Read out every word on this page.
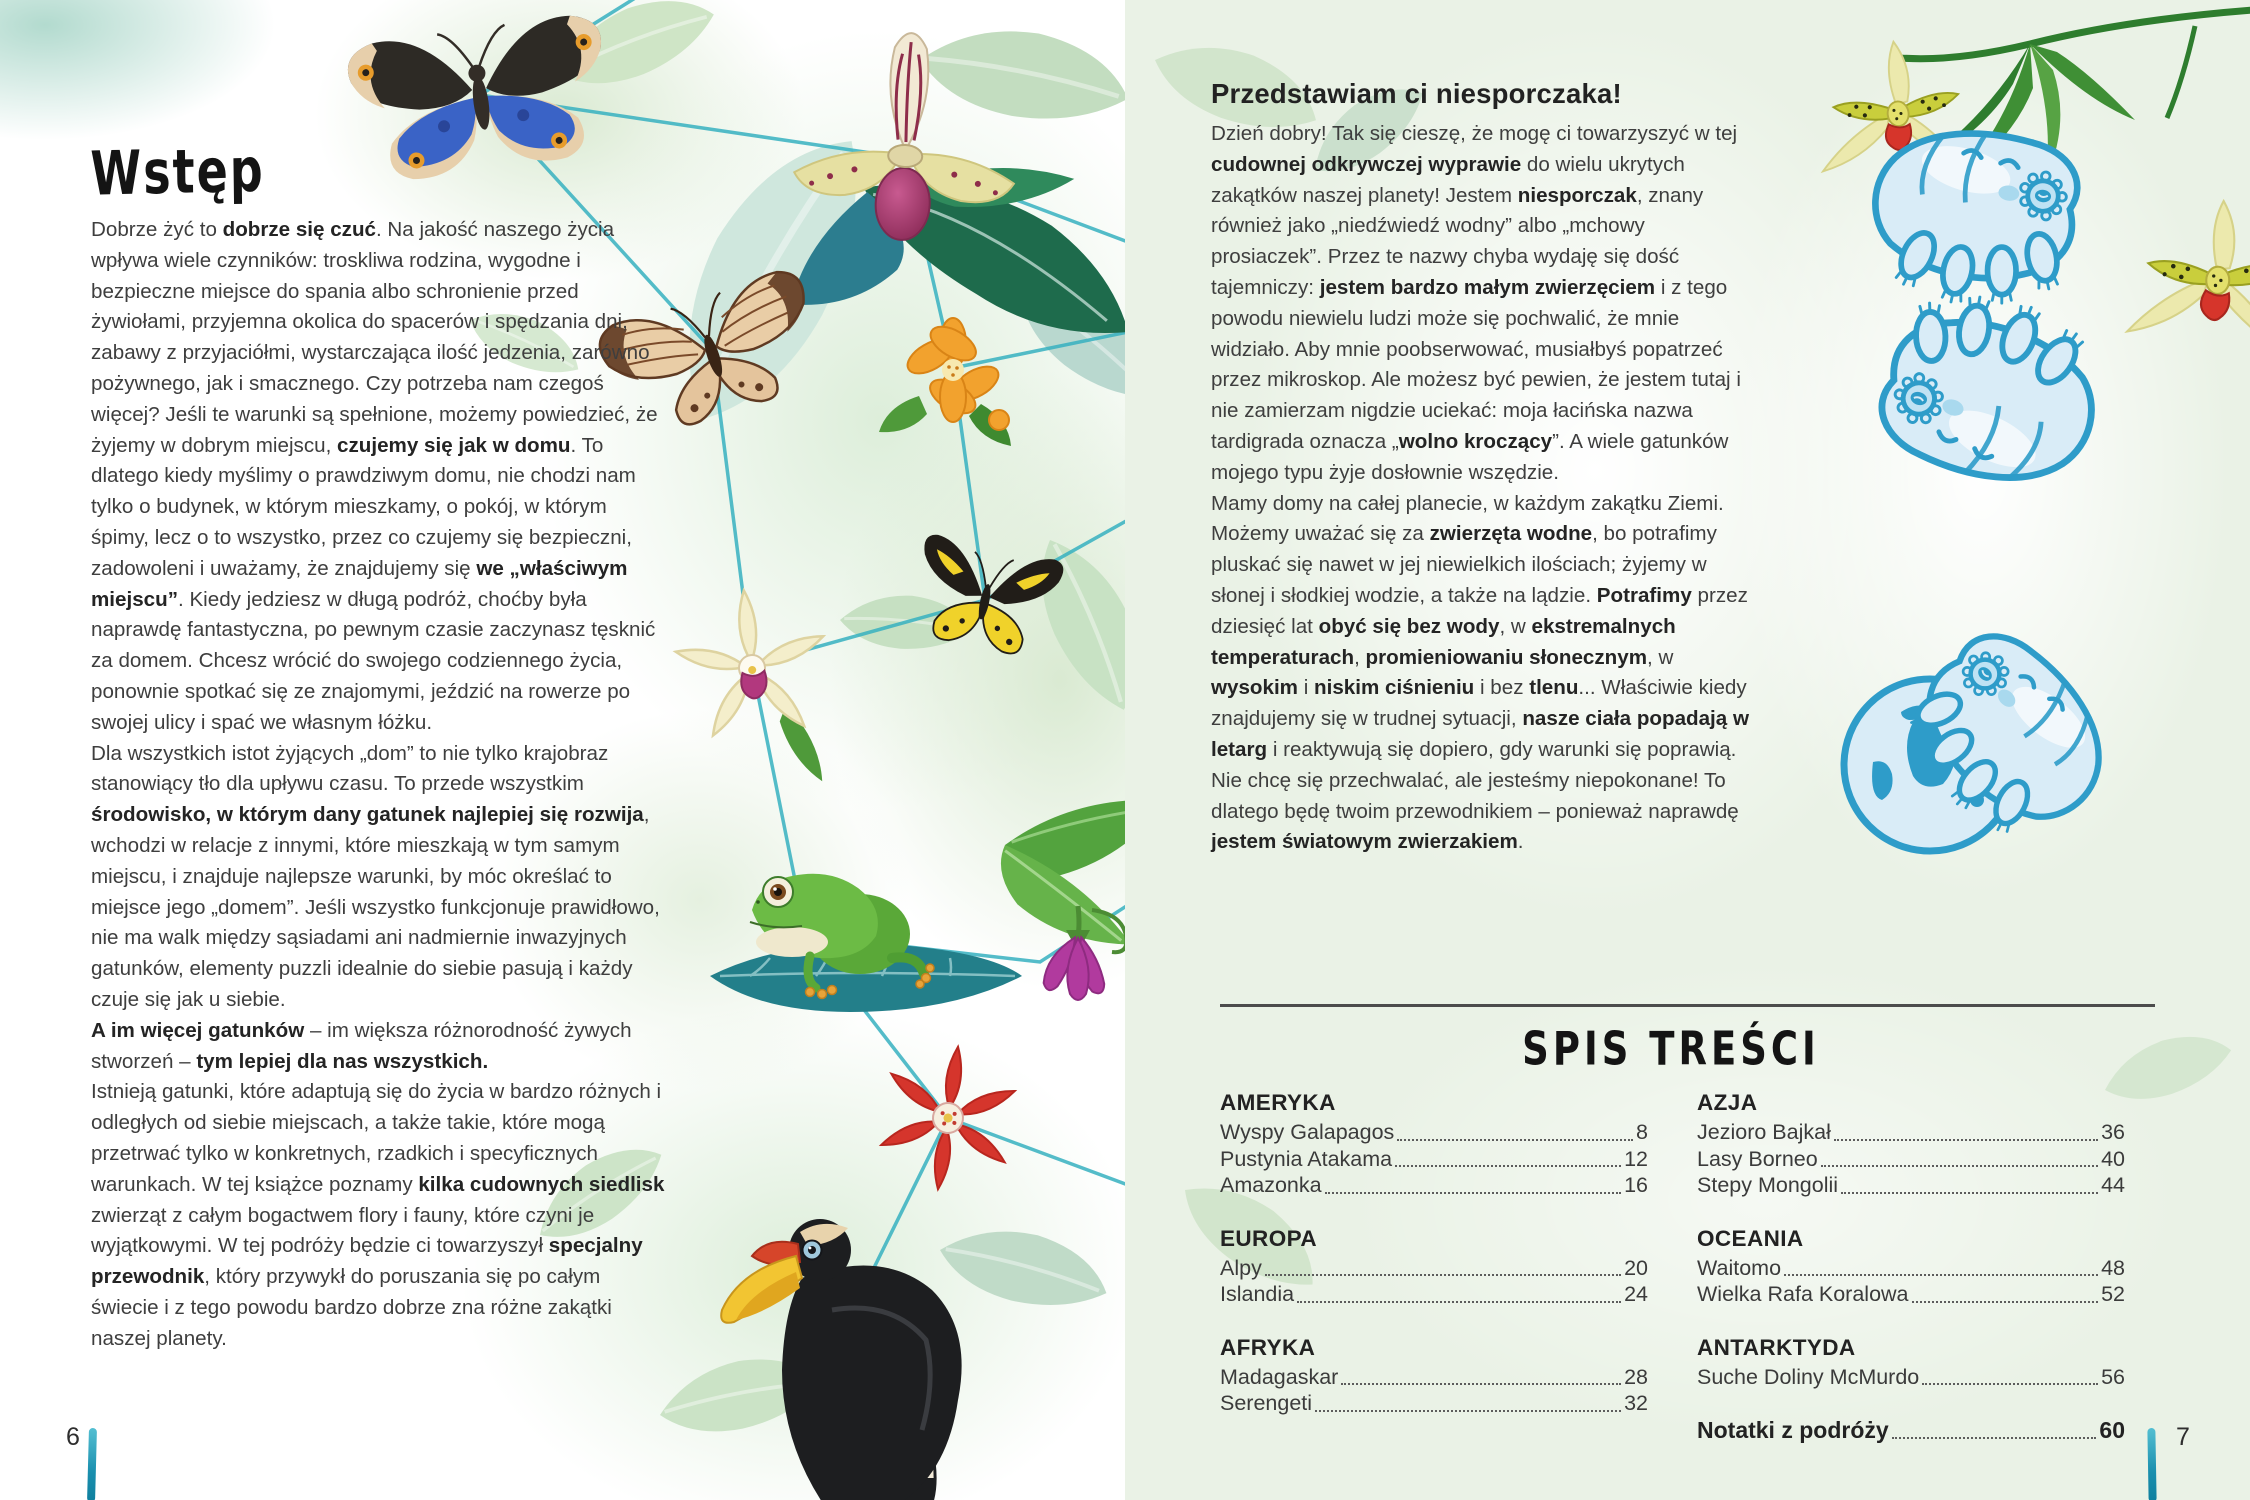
Wstęp

Dobrze żyć to dobrze się czuć. Na jakość naszego życia wpływa wiele czynników: troskliwa rodzina, wygodne i bezpieczne miejsce do spania albo schronienie przed żywiołami, przyjemna okolica do spacerów i spędzania dni, zabawy z przyjaciółmi, wystarczająca ilość jedzenia, zarówno pożywnego, jak i smacznego. Czy potrzeba nam czegoś więcej? Jeśli te warunki są spełnione, możemy powiedzieć, że żyjemy w dobrym miejscu, czujemy się jak w domu. To dlatego kiedy myślimy o prawdziwym domu, nie chodzi nam tylko o budynek, w którym mieszkamy, o pokój, w którym śpimy, lecz o to wszystko, przez co czujemy się bezpieczni, zadowoleni i uważamy, że znajdujemy się we „właściwym miejscu”. Kiedy jedziesz w długą podróż, choćby była naprawdę fantastyczna, po pewnym czasie zaczynasz tęsknić za domem. Chcesz wrócić do swojego codziennego życia, ponownie spotkać się ze znajomymi, jeździć na rowerze po swojej ulicy i spać we własnym łóżku.

Dla wszystkich istot żyjących „dom” to nie tylko krajobraz stanowiący tło dla upływu czasu. To przede wszystkim środowisko, w którym dany gatunek najlepiej się rozwija, wchodzi w relacje z innymi, które mieszkają w tym samym miejscu, i znajduje najlepsze warunki, by móc określać to miejsce jego „domem”. Jeśli wszystko funkcjonuje prawidłowo, nie ma walk między sąsiadami ani nadmiernie inwazyjnych gatunków, elementy puzzli idealnie do siebie pasują i każdy czuje się jak u siebie.

A im więcej gatunków – im większa różnorodność żywych stworzeń – tym lepiej dla nas wszystkich.

Istnieją gatunki, które adaptują się do życia w bardzo różnych i odległych od siebie miejscach, a także takie, które mogą przetrwać tylko w konkretnych, rzadkich i specyficznych warunkach. W tej książce poznamy kilka cudownych siedlisk zwierząt z całym bogactwem flory i fauny, które czyni je wyjątkowymi. W tej podróży będzie ci towarzyszył specjalny przewodnik, który przywykł do poruszania się po całym świecie i z tego powodu bardzo dobrze zna różne zakątki naszej planety.

6
Przedstawiam ci niesporczaka!

Dzień dobry! Tak się cieszę, że mogę ci towarzyszyć w tej cudownej odkrywczej wyprawie do wielu ukrytych zakątków naszej planety! Jestem niesporczak, znany również jako „niedźwiedź wodny” albo „mchowy prosiaczek”. Przez te nazwy chyba wydaję się dość tajemniczy: jestem bardzo małym zwierzęciem i z tego powodu niewielu ludzi może się pochwalić, że mnie widziało. Aby mnie poobserwować, musiałbyś popatrzeć przez mikroskop. Ale możesz być pewien, że jestem tutaj i nie zamierzam nigdzie uciekać: moja łacińska nazwa tardigrada oznacza „wolno kroczący”. A wiele gatunków mojego typu żyje dosłownie wszędzie.

Mamy domy na całej planecie, w każdym zakątku Ziemi. Możemy uważać się za zwierzęta wodne, bo potrafimy pluskać się nawet w jej niewielkich ilościach; żyjemy w słonej i słodkiej wodzie, a także na lądzie. Potrafimy przez dziesięć lat obyć się bez wody, w ekstremalnych temperaturach, promieniowaniu słonecznym, w wysokim i niskim ciśnieniu i bez tlenu... Właściwie kiedy znajdujemy się w trudnej sytuacji, nasze ciała popadają w letarg i reaktywują się dopiero, gdy warunki się poprawią.

Nie chcę się przechwalać, ale jesteśmy niepokonane! To dlatego będę twoim przewodnikiem – ponieważ naprawdę jestem światowym zwierzakiem.

SPIS TREŚCI
AMERYKA
Wyspy Galapagos	8
Pustynia Atakama	12
Amazonka	16
EUROPA
Alpy	20
Islandia	24
AFRYKA
Madagaskar	28
Serengeti	32
AZJA
Jezioro Bajkał	36
Lasy Borneo	40
Stepy Mongolii	44
OCEANIA
Waitomo	48
Wielka Rafa Koralowa	52
ANTARKTYDA
Suche Doliny McMurdo	56
Notatki z podróży	60 7
